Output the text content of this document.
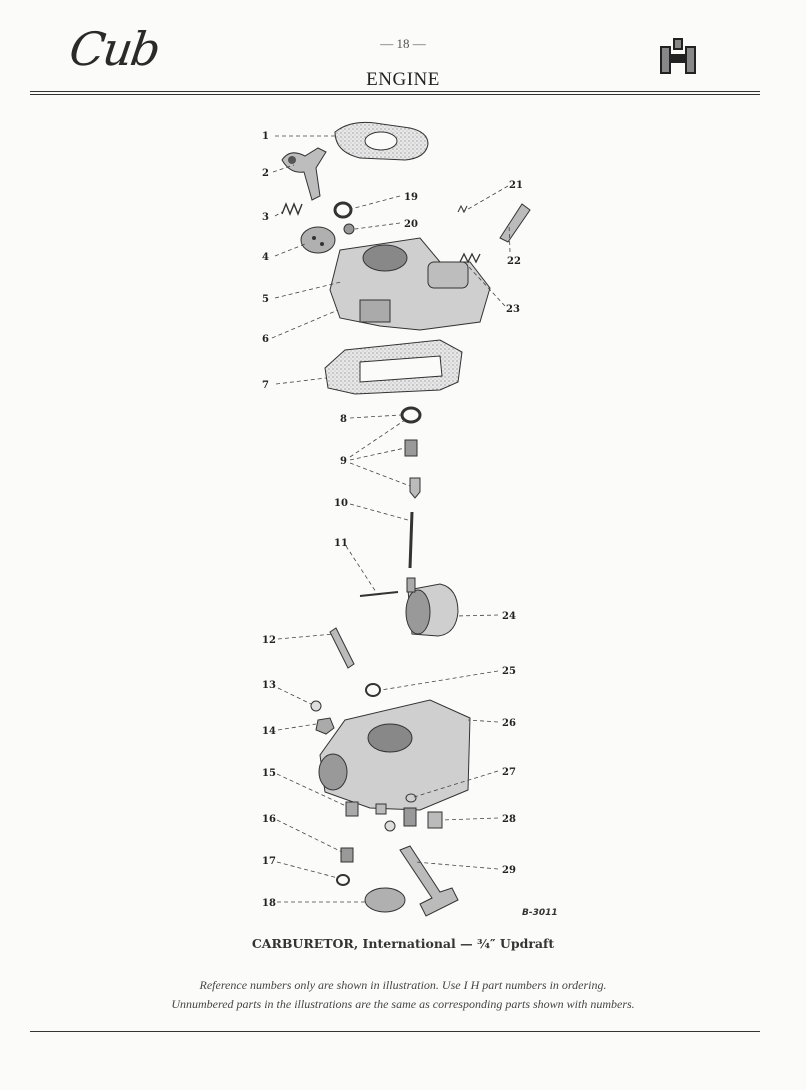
Cub	— 18 —
ENGINE
1
2
3
4
5
6
7
8
9
10
11
12
13
14
15
16
17
18
19
20
21
22
23
24
25
26
27
28
29
B-3011
CARBURETOR, International — ¾″ Updraft
Reference numbers only are shown in illustration. Use I H part numbers in ordering.
Unnumbered parts in the illustrations are the same as corresponding parts shown with numbers.
